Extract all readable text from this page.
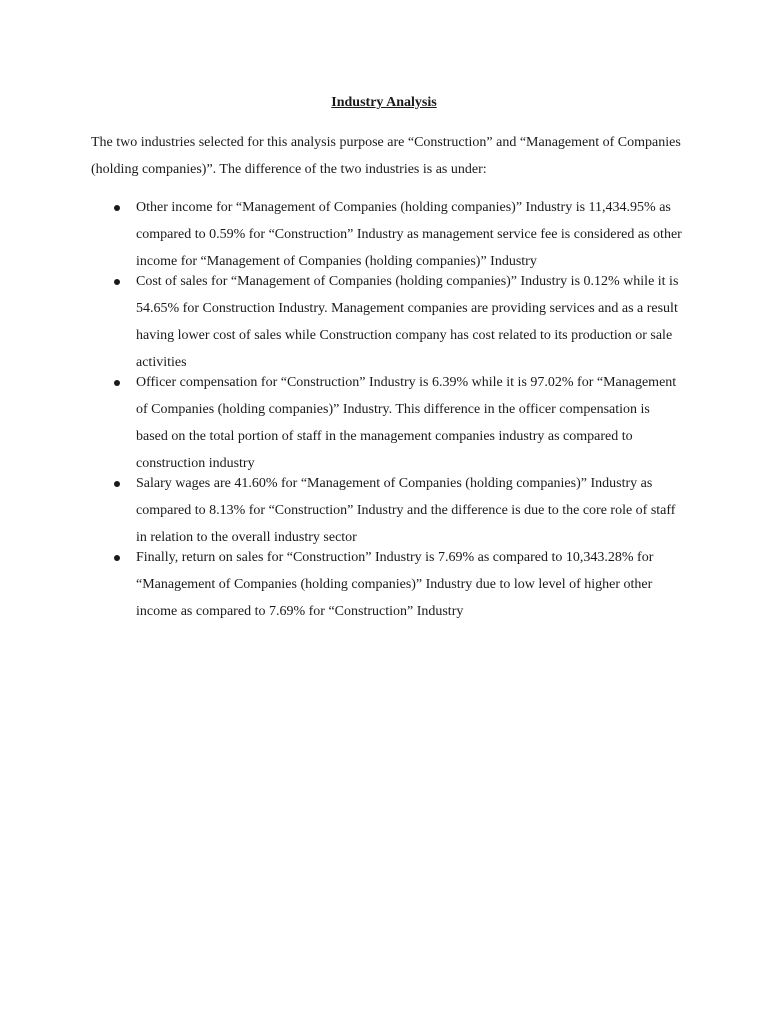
Industry Analysis

The two industries selected for this analysis purpose are “Construction” and “Management of Companies (holding companies)”. The difference of the two industries is as under:

Other income for “Management of Companies (holding companies)” Industry is 11,434.95% as compared to 0.59% for “Construction” Industry as management service fee is considered as other income for “Management of Companies (holding companies)” Industry
Cost of sales for “Management of Companies (holding companies)” Industry is 0.12% while it is 54.65% for Construction Industry. Management companies are providing services and as a result having lower cost of sales while Construction company has cost related to its production or sale activities
Officer compensation for “Construction” Industry is 6.39% while it is 97.02% for “Management of Companies (holding companies)” Industry. This difference in the officer compensation is based on the total portion of staff in the management companies industry as compared to construction industry
Salary wages are 41.60% for “Management of Companies (holding companies)” Industry as compared to 8.13% for “Construction” Industry and the difference is due to the core role of staff in relation to the overall industry sector
Finally, return on sales for “Construction” Industry is 7.69% as compared to 10,343.28% for “Management of Companies (holding companies)” Industry due to low level of higher other income as compared to 7.69% for “Construction” Industry
